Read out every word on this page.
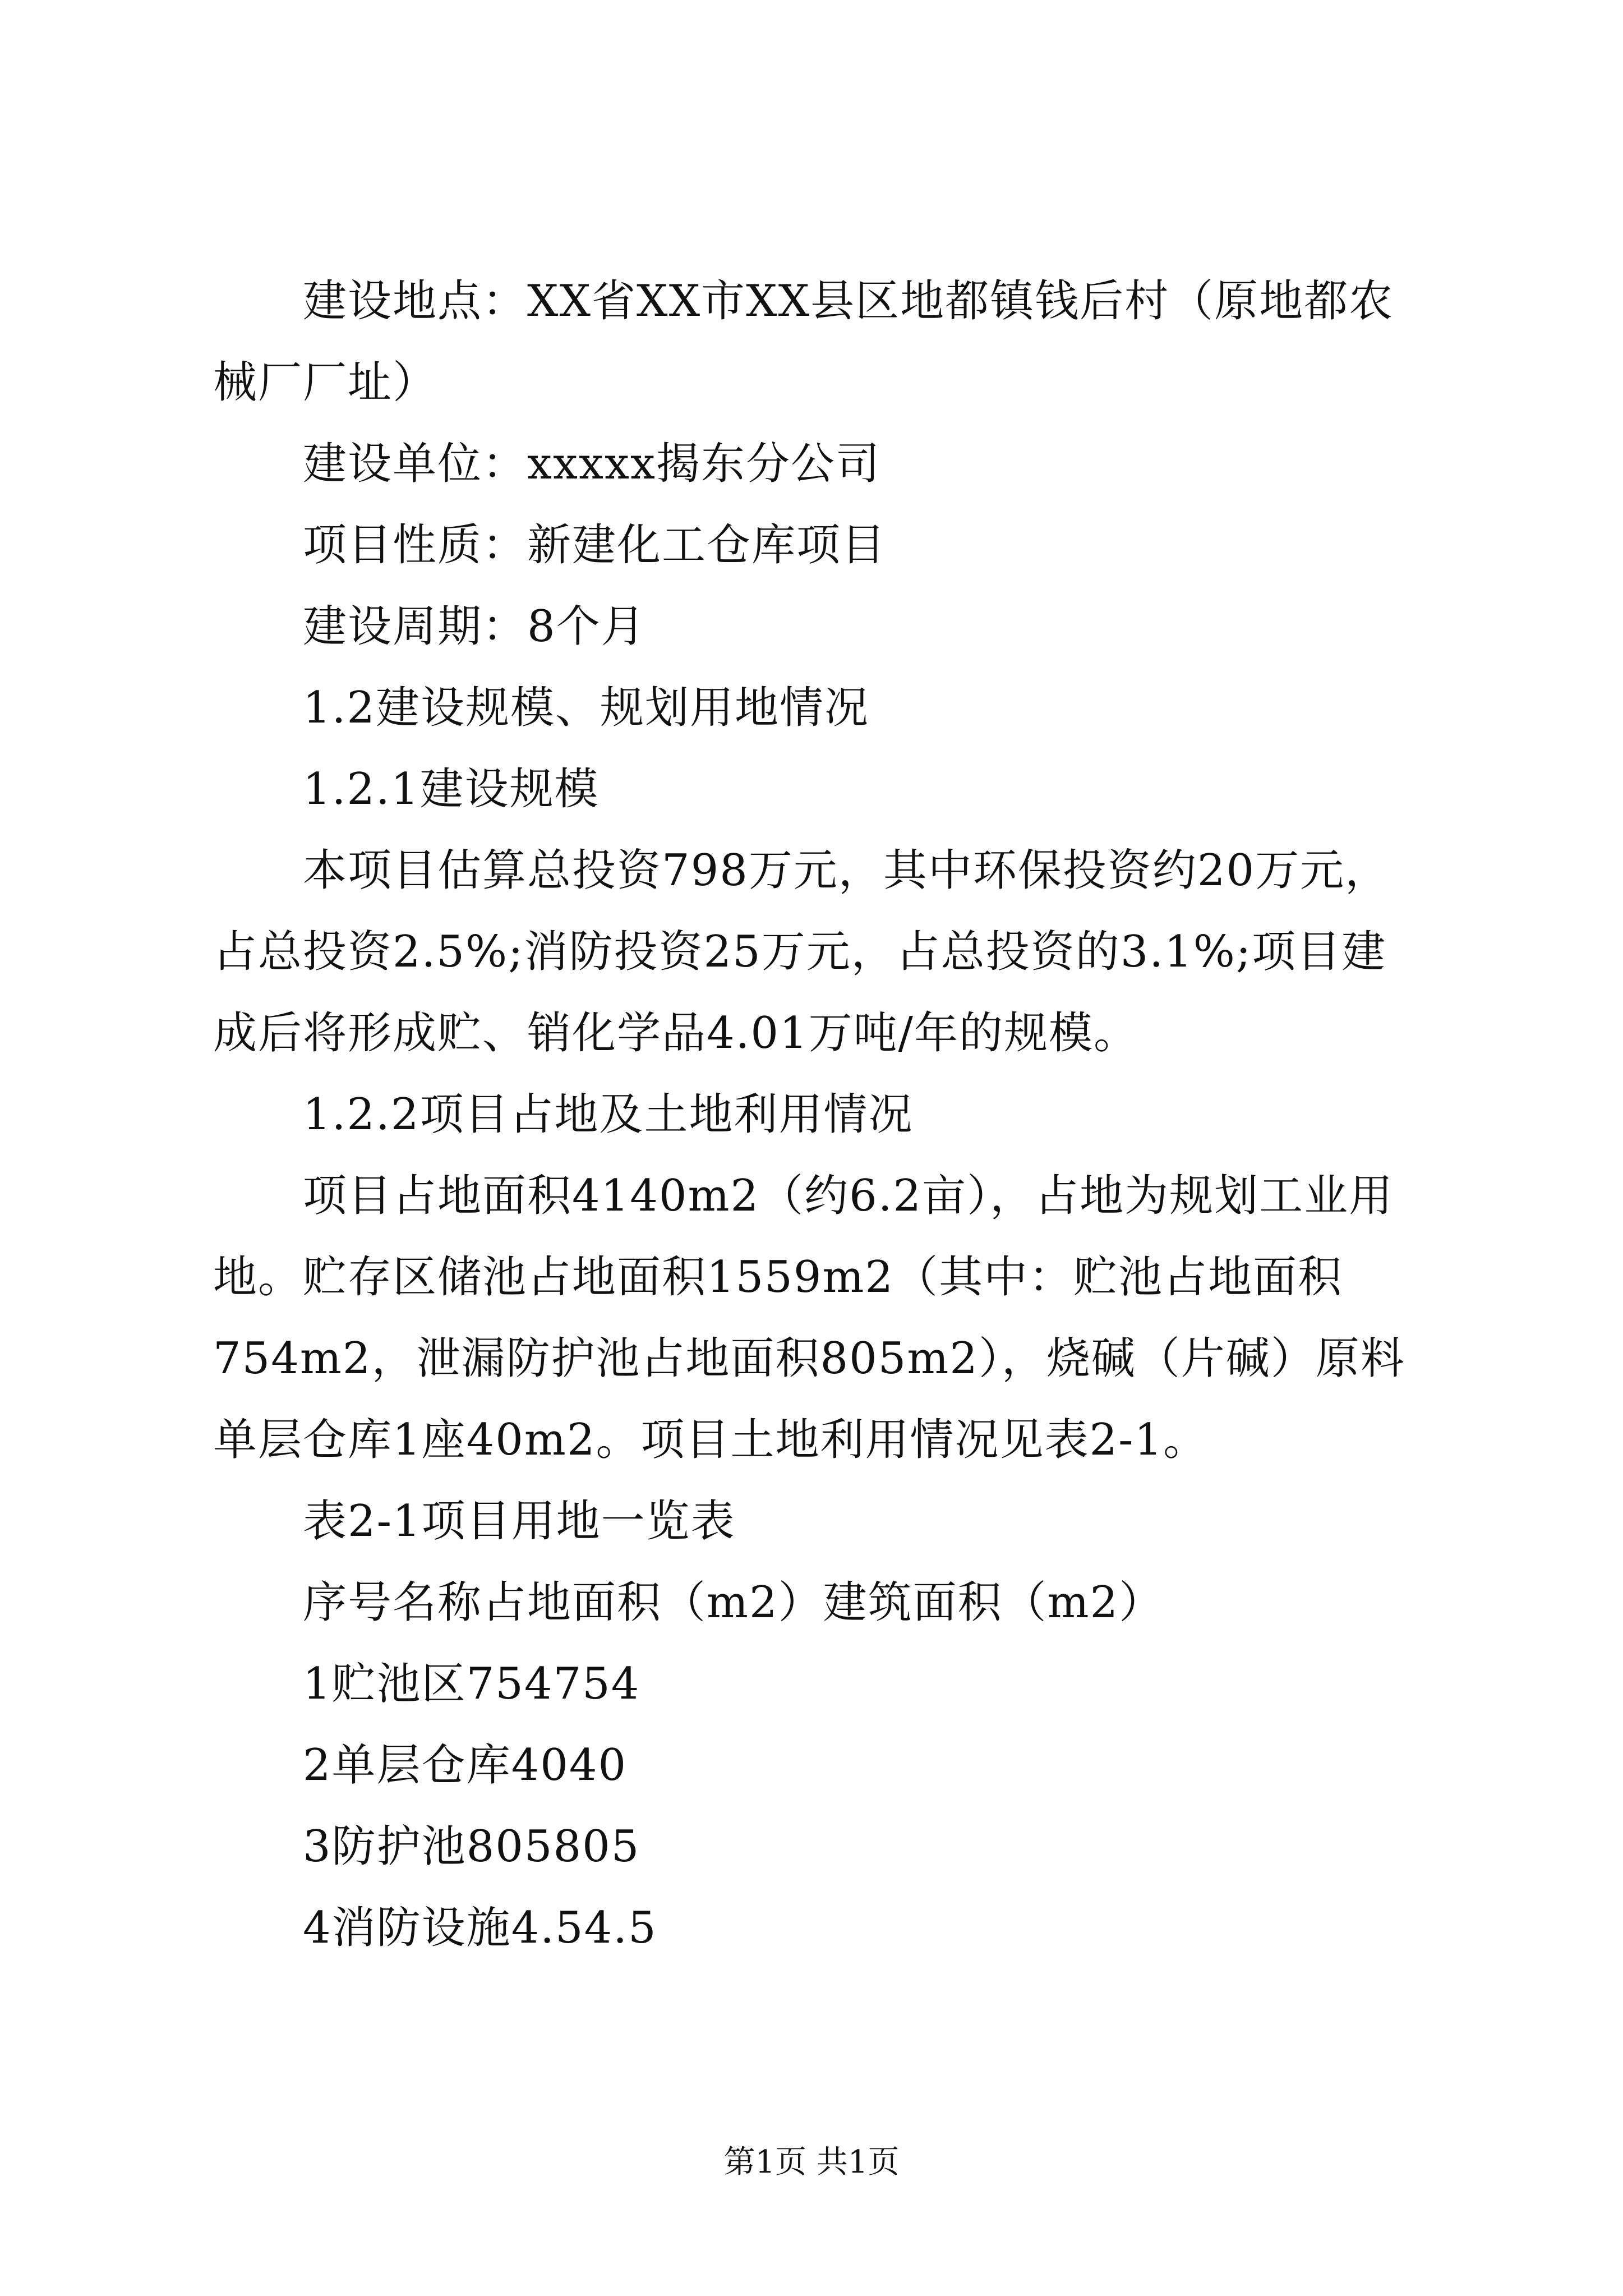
建设地点：XX省XX市XX县区地都镇钱后村（原地都农械厂厂址）

建设单位：xxxxx揭东分公司

项目性质：新建化工仓库项目

建设周期：8个月

1.2建设规模、规划用地情况

1.2.1建设规模

本项目估算总投资798万元，其中环保投资约20万元，占总投资2.5%;消防投资25万元，占总投资的3.1%;项目建成后将形成贮、销化学品4.01万吨/年的规模。

1.2.2项目占地及土地利用情况

项目占地面积4140m2（约6.2亩），占地为规划工业用地。贮存区储池占地面积1559m2（其中：贮池占地面积754m2，泄漏防护池占地面积805m2），烧碱（片碱）原料单层仓库1座40m2。项目土地利用情况见表2-1。

表2-1项目用地一览表

序号名称占地面积（m2）建筑面积（m2）

1贮池区754754

2单层仓库4040

3防护池805805

4消防设施4.54.5

第1页 共1页
